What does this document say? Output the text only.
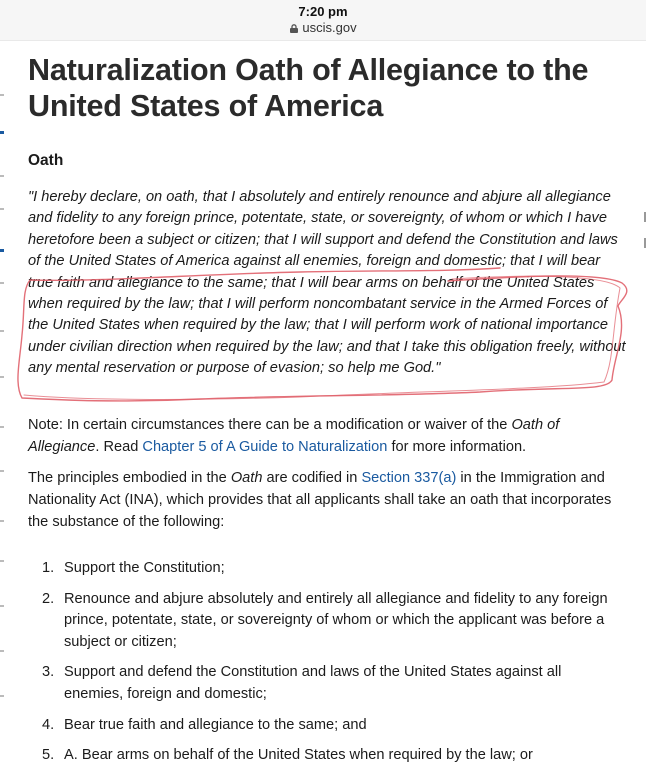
7:20 pm
uscis.gov
Naturalization Oath of Allegiance to the United States of America
Oath

"I hereby declare, on oath, that I absolutely and entirely renounce and abjure all allegiance and fidelity to any foreign prince, potentate, state, or sovereignty, of whom or which I have heretofore been a subject or citizen; that I will support and defend the Constitution and laws of the United States of America against all enemies, foreign and domestic; that I will bear true faith and allegiance to the same; that I will bear arms on behalf of the United States when required by the law; that I will perform noncombatant service in the Armed Forces of the United States when required by the law; that I will perform work of national importance under civilian direction when required by the law; and that I take this obligation freely, without any mental reservation or purpose of evasion; so help me God."

Note: In certain circumstances there can be a modification or waiver of the Oath of Allegiance. Read Chapter 5 of A Guide to Naturalization for more information.

The principles embodied in the Oath are codified in Section 337(a) in the Immigration and Nationality Act (INA), which provides that all applicants shall take an oath that incorporates the substance of the following:

1. Support the Constitution;
2. Renounce and abjure absolutely and entirely all allegiance and fidelity to any foreign prince, potentate, state, or sovereignty of whom or which the applicant was before a subject or citizen;
3. Support and defend the Constitution and laws of the United States against all enemies, foreign and domestic;
4. Bear true faith and allegiance to the same; and
5. A. Bear arms on behalf of the United States when required by the law; or
